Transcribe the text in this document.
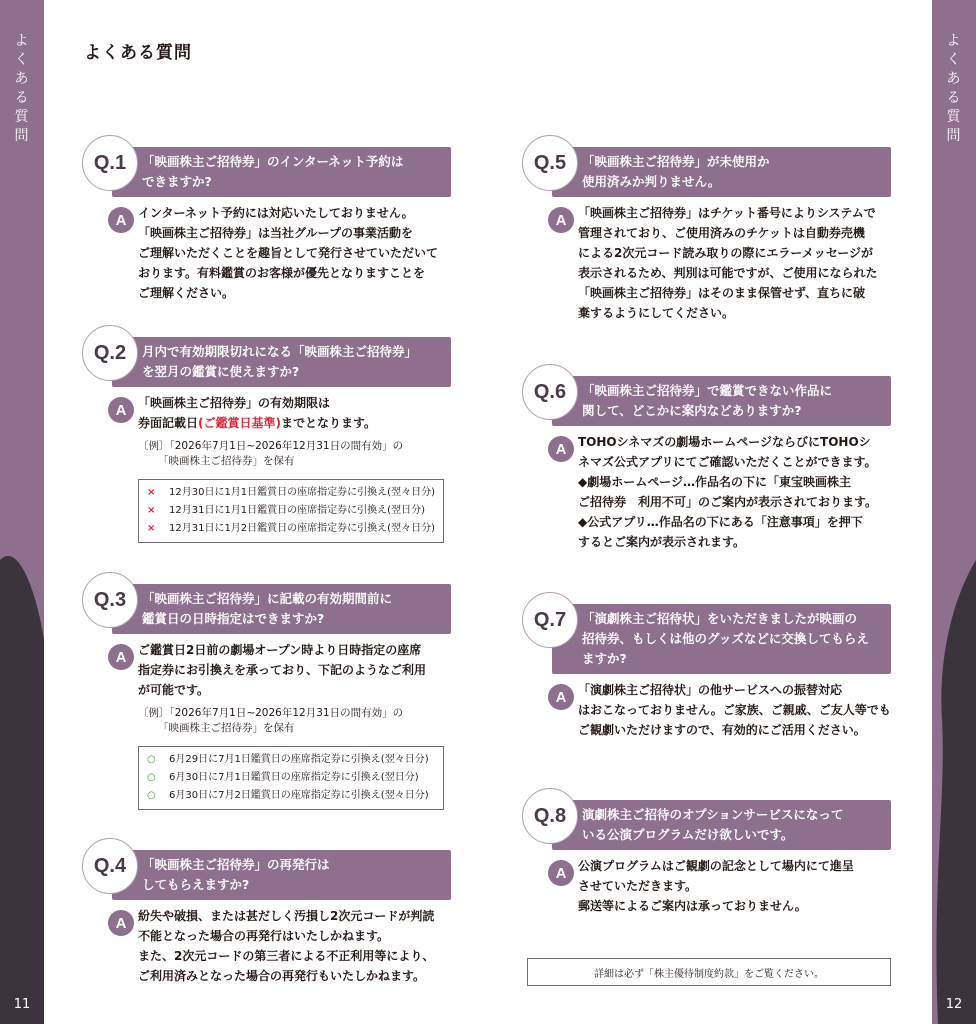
よ
く
あ
る
質
問
11
よ
く
あ
る
質
問
12
よくある質問
「映画株主ご招待券」のインターネット予約は
できますか?
Q.1
A インターネット予約には対応いたしておりません。
「映画株主ご招待券」は当社グループの事業活動を
ご理解いただくことを趣旨として発行させていただいて
おります。有料鑑賞のお客様が優先となりますことを
ご理解ください。
月内で有効期限切れになる「映画株主ご招待券」
を翌月の鑑賞に使えますか?
Q.2
A 「映画株主ご招待券」の有効期限は
券面記載日(ご鑑賞日基準)までとなります。
〔例〕「2026年7月1日~2026年12月31日の間有効」の
「映画株主ご招待券」を保有
×	12月30日に1月1日鑑賞日の座席指定券に引換え(翌々日分)
×	12月31日に1月1日鑑賞日の座席指定券に引換え(翌日分)
×	12月31日に1月2日鑑賞日の座席指定券に引換え(翌々日分)
「映画株主ご招待券」に記載の有効期間前に
鑑賞日の日時指定はできますか?
Q.3
A ご鑑賞日2日前の劇場オープン時より日時指定の座席
指定券にお引換えを承っており、下記のようなご利用
が可能です。
〔例〕「2026年7月1日~2026年12月31日の間有効」の
「映画株主ご招待券」を保有
○	6月29日に7月1日鑑賞日の座席指定券に引換え(翌々日分)
○	6月30日に7月1日鑑賞日の座席指定券に引換え(翌日分)
○	6月30日に7月2日鑑賞日の座席指定券に引換え(翌々日分)
「映画株主ご招待券」の再発行は
してもらえますか?
Q.4
A 紛失や破損、または甚だしく汚損し2次元コードが判読
不能となった場合の再発行はいたしかねます。
また、2次元コードの第三者による不正利用等により、
ご利用済みとなった場合の再発行もいたしかねます。
「映画株主ご招待券」が未使用か
使用済みか判りません。
Q.5
A 「映画株主ご招待券」はチケット番号によりシステムで
管理されており、ご使用済みのチケットは自動券売機
による2次元コード読み取りの際にエラーメッセージが
表示されるため、判別は可能ですが、ご使用になられた
「映画株主ご招待券」はそのまま保管せず、直ちに破
棄するようにしてください。
「映画株主ご招待券」で鑑賞できない作品に
関して、どこかに案内などありますか?
Q.6
A TOHOシネマズの劇場ホームページならびにTOHOシ
ネマズ公式アプリにてご確認いただくことができます。
◆劇場ホームページ…作品名の下に「東宝映画株主
ご招待券　利用不可」のご案内が表示されております。
◆公式アプリ…作品名の下にある「注意事項」を押下
するとご案内が表示されます。
「演劇株主ご招待状」をいただきましたが映画の
招待券、もしくは他のグッズなどに交換してもらえ
ますか?
Q.7
A 「演劇株主ご招待状」の他サービスへの振替対応
はおこなっておりません。ご家族、ご親戚、ご友人等でも
ご観劇いただけますので、有効的にご活用ください。
演劇株主ご招待のオプションサービスになって
いる公演プログラムだけ欲しいです。
Q.8
A 公演プログラムはご観劇の記念として場内にて進呈
させていただきます。
郵送等によるご案内は承っておりません。
詳細は必ず「株主優待制度約款」をご覧ください。
